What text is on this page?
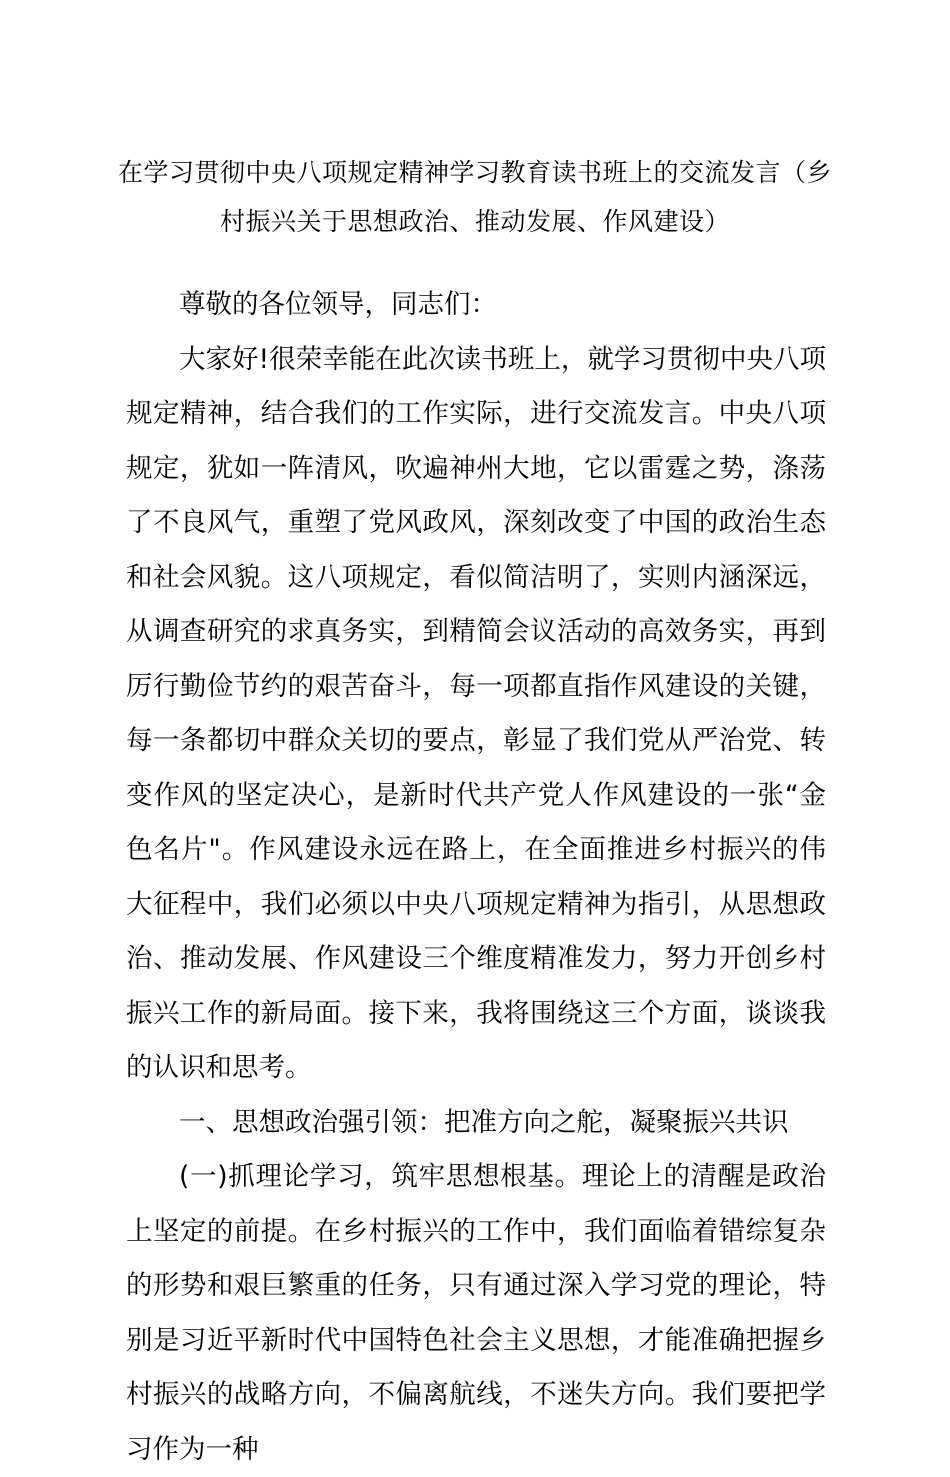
在学习贯彻中央八项规定精神学习教育读书班上的交流发言（乡
村振兴关于思想政治、推动发展、作风建设）

尊敬的各位领导，同志们：

大家好!很荣幸能在此次读书班上，就学习贯彻中央八项规定精神，结合我们的工作实际，进行交流发言。中央八项规定，犹如一阵清风，吹遍神州大地，它以雷霆之势，涤荡了不良风气，重塑了党风政风，深刻改变了中国的政治生态和社会风貌。这八项规定，看似简洁明了，实则内涵深远，从调查研究的求真务实，到精简会议活动的高效务实，再到厉行勤俭节约的艰苦奋斗，每一项都直指作风建设的关键，每一条都切中群众关切的要点，彰显了我们党从严治党、转变作风的坚定决心，是新时代共产党人作风建设的一张“金色名片"。作风建设永远在路上，在全面推进乡村振兴的伟大征程中，我们必须以中央八项规定精神为指引，从思想政治、推动发展、作风建设三个维度精准发力，努力开创乡村振兴工作的新局面。接下来，我将围绕这三个方面，谈谈我的认识和思考。

一、思想政治强引领：把准方向之舵，凝聚振兴共识

(一)抓理论学习，筑牢思想根基。理论上的清醒是政治上坚定的前提。在乡村振兴的工作中，我们面临着错综复杂的形势和艰巨繁重的任务，只有通过深入学习党的理论，特别是习近平新时代中国特色社会主义思想，才能准确把握乡村振兴的战略方向，不偏离航线，不迷失方向。我们要把学习作为一种
